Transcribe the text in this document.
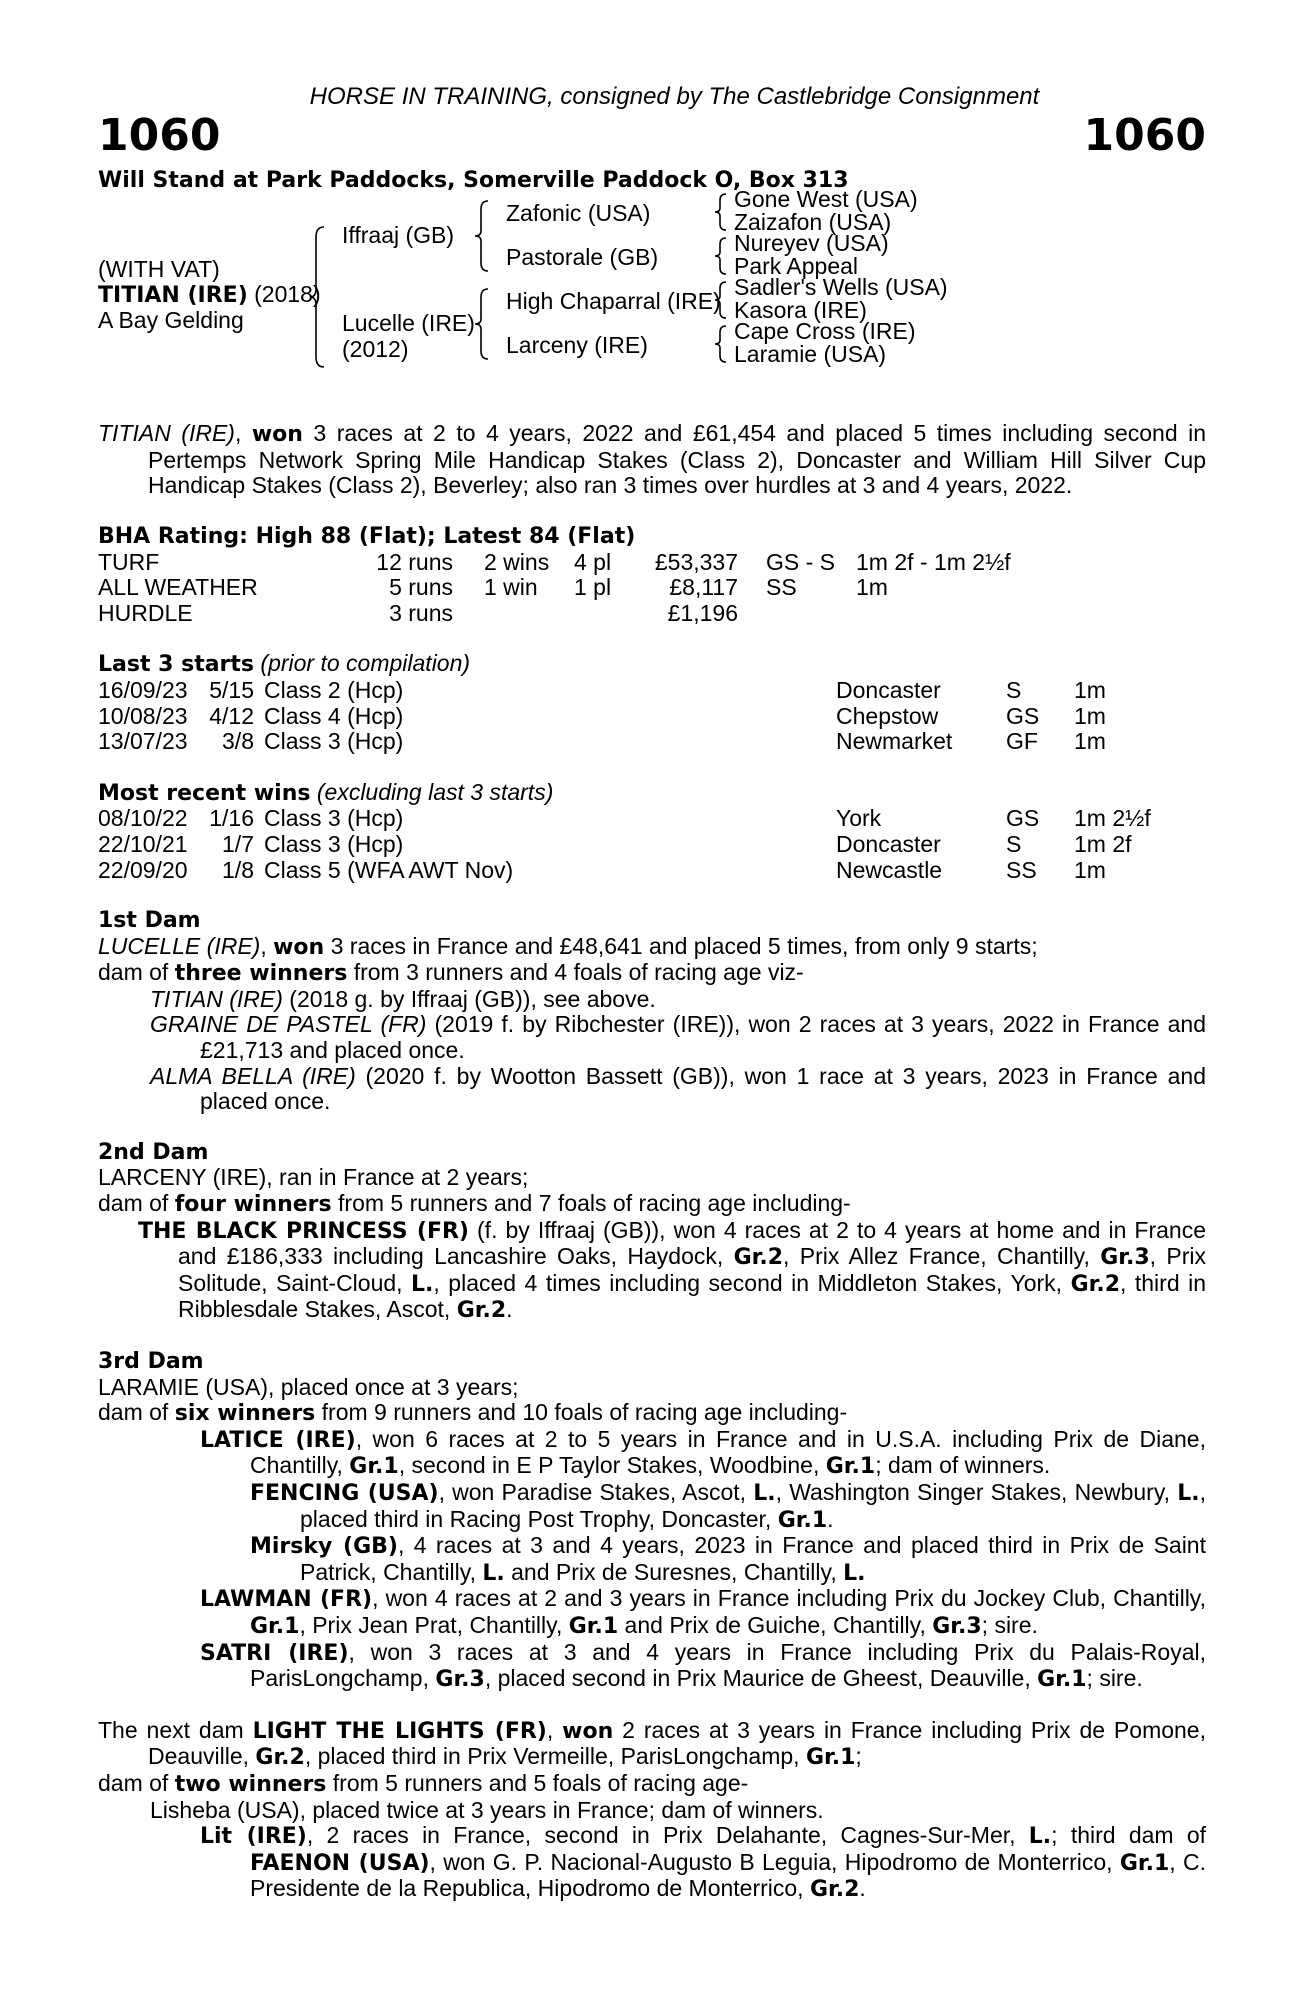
HORSE IN TRAINING, consigned by The Castlebridge Consignment
1060	1060
Will Stand at Park Paddocks, Somerville Paddock O, Box 313
(WITH VAT)
TITIAN (IRE) (2018)
A Bay Gelding
Iffraaj (GB)
Lucelle (IRE)
(2012)
Zafonic (USA)
Pastorale (GB)
High Chaparral (IRE)
Larceny (IRE)
Gone West (USA)
Zaizafon (USA)
Nureyev (USA)
Park Appeal
Sadler's Wells (USA)
Kasora (IRE)
Cape Cross (IRE)
Laramie (USA)

TITIAN (IRE), won 3 races at 2 to 4 years, 2022 and £61,454 and placed 5 times including second in Pertemps Network Spring Mile Handicap Stakes (Class 2), Doncaster and William Hill Silver Cup Handicap Stakes (Class 2), Beverley; also ran 3 times over hurdles at 3 and 4 years, 2022.

BHA Rating: High 88 (Flat); Latest 84 (Flat)
TURF	12 runs 2 wins 4 pl	£53,337 GS - S 1m 2f - 1m 2½f
ALL WEATHER	5 runs 1 win 1 pl	£8,117 SS	1m
HURDLE	3 runs	£1,196
Last 3 starts (prior to compilation)
16/09/23 5/15 Class 2 (Hcp)	Doncaster	S 1m
10/08/23 4/12 Class 4 (Hcp)	Chepstow	GS 1m
13/07/23	3/8 Class 3 (Hcp)	Newmarket GF 1m
Most recent wins (excluding last 3 starts)
08/10/22 1/16 Class 3 (Hcp)	York	GS 1m 2½f
22/10/21	1/7 Class 3 (Hcp)	Doncaster	S 1m 2f
22/09/20	1/8 Class 5 (WFA AWT Nov)	Newcastle	SS 1m
1st Dam

LUCELLE (IRE), won 3 races in France and £48,641 and placed 5 times, from only 9 starts;

dam of three winners from 3 runners and 4 foals of racing age viz-

TITIAN (IRE) (2018 g. by Iffraaj (GB)), see above.

GRAINE DE PASTEL (FR) (2019 f. by Ribchester (IRE)), won 2 races at 3 years, 2022 in France and £21,713 and placed once.

ALMA BELLA (IRE) (2020 f. by Wootton Bassett (GB)), won 1 race at 3 years, 2023 in France and placed once.

2nd Dam

LARCENY (IRE), ran in France at 2 years;

dam of four winners from 5 runners and 7 foals of racing age including-

THE BLACK PRINCESS (FR) (f. by Iffraaj (GB)), won 4 races at 2 to 4 years at home and in France and £186,333 including Lancashire Oaks, Haydock, Gr.2, Prix Allez France, Chantilly, Gr.3, Prix Solitude, Saint-Cloud, L., placed 4 times including second in Middleton Stakes, York, Gr.2, third in Ribblesdale Stakes, Ascot, Gr.2.

3rd Dam

LARAMIE (USA), placed once at 3 years;

dam of six winners from 9 runners and 10 foals of racing age including-

LATICE (IRE), won 6 races at 2 to 5 years in France and in U.S.A. including Prix de Diane, Chantilly, Gr.1, second in E P Taylor Stakes, Woodbine, Gr.1; dam of winners.

FENCING (USA), won Paradise Stakes, Ascot, L., Washington Singer Stakes, Newbury, L., placed third in Racing Post Trophy, Doncaster, Gr.1.

Mirsky (GB), 4 races at 3 and 4 years, 2023 in France and placed third in Prix de Saint Patrick, Chantilly, L. and Prix de Suresnes, Chantilly, L.

LAWMAN (FR), won 4 races at 2 and 3 years in France including Prix du Jockey Club, Chantilly, Gr.1, Prix Jean Prat, Chantilly, Gr.1 and Prix de Guiche, Chantilly, Gr.3; sire.

SATRI (IRE), won 3 races at 3 and 4 years in France including Prix du Palais-Royal, ParisLongchamp, Gr.3, placed second in Prix Maurice de Gheest, Deauville, Gr.1; sire.

The next dam LIGHT THE LIGHTS (FR), won 2 races at 3 years in France including Prix de Pomone, Deauville, Gr.2, placed third in Prix Vermeille, ParisLongchamp, Gr.1;

dam of two winners from 5 runners and 5 foals of racing age-

Lisheba (USA), placed twice at 3 years in France; dam of winners.

Lit (IRE), 2 races in France, second in Prix Delahante, Cagnes-Sur-Mer, L.; third dam of FAENON (USA), won G. P. Nacional-Augusto B Leguia, Hipodromo de Monterrico, Gr.1, C. Presidente de la Republica, Hipodromo de Monterrico, Gr.2.
